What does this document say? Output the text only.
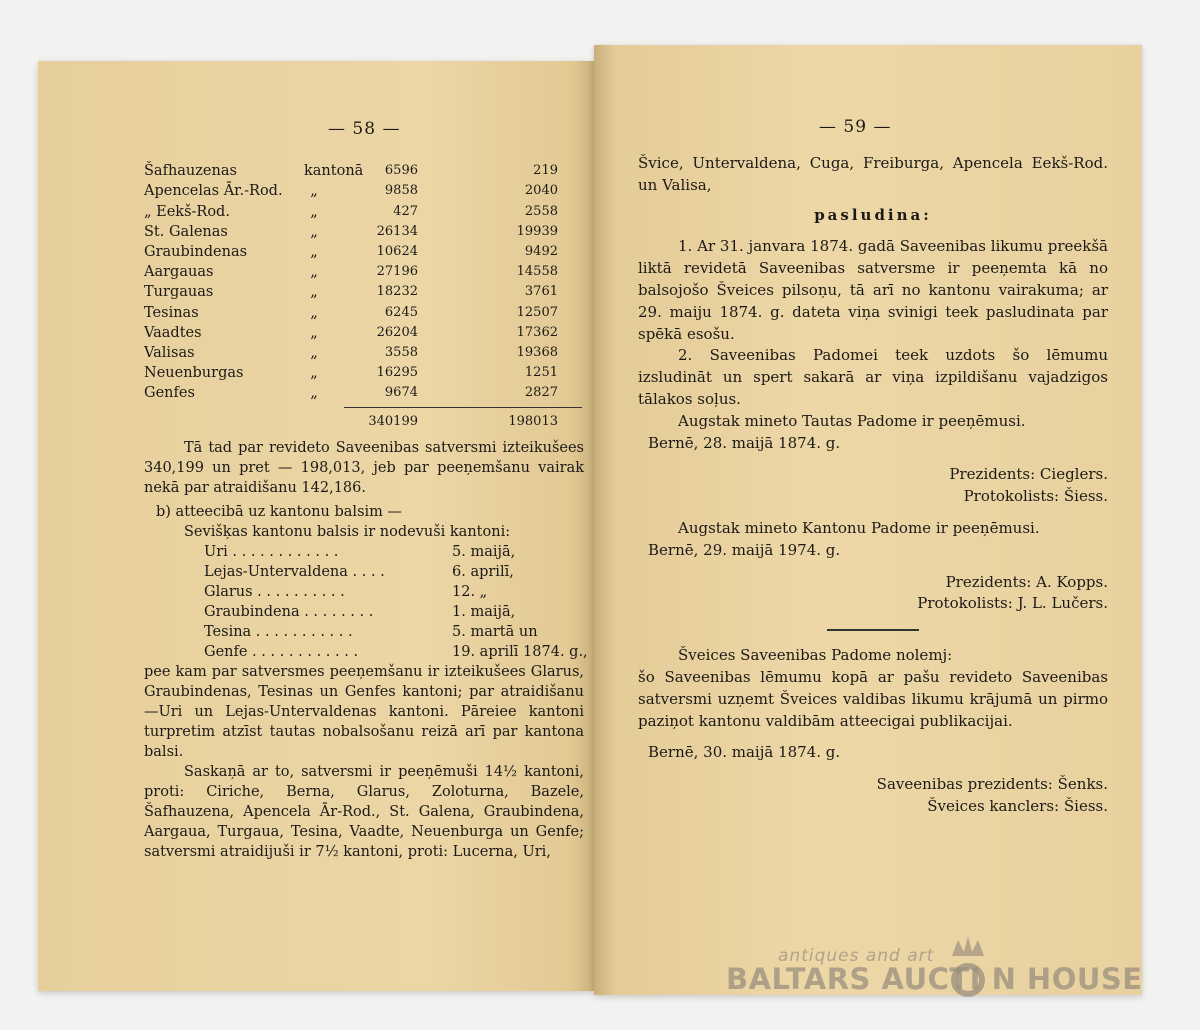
— 58 —
Šafhauzenas	kantonā	6596	219
Apencelas Ār.-Rod.	„	9858	2040
„ Eekš-Rod.	„	427	2558
St. Galenas	„	26134	19939
Graubindenas	„	10624	9492
Aargauas	„	27196	14558
Turgauas	„	18232	3761
Tesinas	„	6245	12507
Vaadtes	„	26204	17362
Valisas	„	3558	19368
Neuenburgas	„	16295	1251
Genfes	„	9674	2827
340199	198013

Tā tad par revideto Saveenibas satversmi izteikušees 340,199 un pret — 198,013, jeb par peeņemšanu vairak nekā par atraidišanu 142,186.

b) atteecibā uz kantonu balsim —
Sevišķas kantonu balsis ir nodevuši kantoni:
Uri . . . . . . . . . . . .	5. maijā,
Lejas-Untervaldena . . . .	6. aprilī,
Glarus . . . . . . . . . .	12. „
Graubindena . . . . . . . .	1. maijā,
Tesina . . . . . . . . . . .	5. martā un
Genfe . . . . . . . . . . . .	19. aprilī 1874. g.,

pee kam par satversmes peeņemšanu ir izteikušees Glarus, Graubindenas, Tesinas un Genfes kantoni; par atraidišanu—Uri un Lejas-Untervaldenas kantoni. Pāreiee kantoni turpretim atzīst tautas nobalsošanu reizā arī par kantona balsi.

Saskaņā ar to, satversmi ir peeņēmuši 14½ kantoni, proti: Ciriche, Berna, Glarus, Zoloturna, Bazele, Šafhauzena, Apencela Ār-Rod., St. Galena, Graubindena, Aargaua, Turgaua, Tesina, Vaadte, Neuenburga un Genfe; satversmi atraidijuši ir 7½ kantoni, proti: Lucerna, Uri,

— 59 —

Švice, Untervaldena, Cuga, Freiburga, Apencela Eekš-Rod. un Valisa,

pasludina:

1. Ar 31. janvara 1874. gadā Saveenibas likumu preekšā liktā revidetā Saveenibas satversme ir peeņemta kā no balsojošo Šveices pilsoņu, tā arī no kantonu vairakuma; ar 29. maiju 1874. g. dateta viņa svinigi teek pasludinata par spēkā esošu.

2. Saveenibas Padomei teek uzdots šo lēmumu izsludināt un spert sakarā ar viņa izpildišanu vajadzigos tālakos soļus.

Augstak mineto Tautas Padome ir peeņēmusi.
Bernē, 28. maijā 1874. g.
Prezidents: Cieglers.
Protokolists: Šiess.
Augstak mineto Kantonu Padome ir peeņēmusi.
Bernē, 29. maijā 1974. g.
Prezidents: A. Kopps.
Protokolists: J. L. Lučers.
Šveices Saveenibas Padome nolemj:

šo Saveenibas lēmumu kopā ar pašu revideto Saveenibas satversmi uzņemt Šveices valdibas likumu krājumā un pirmo paziņot kantonu valdibām atteecigai publikacijai.

Bernē, 30. maijā 1874. g.
Saveenibas prezidents: Šenks.
Šveices kanclers: Šiess.
antiques and art
BALTARS AUCTI N HOUSE
